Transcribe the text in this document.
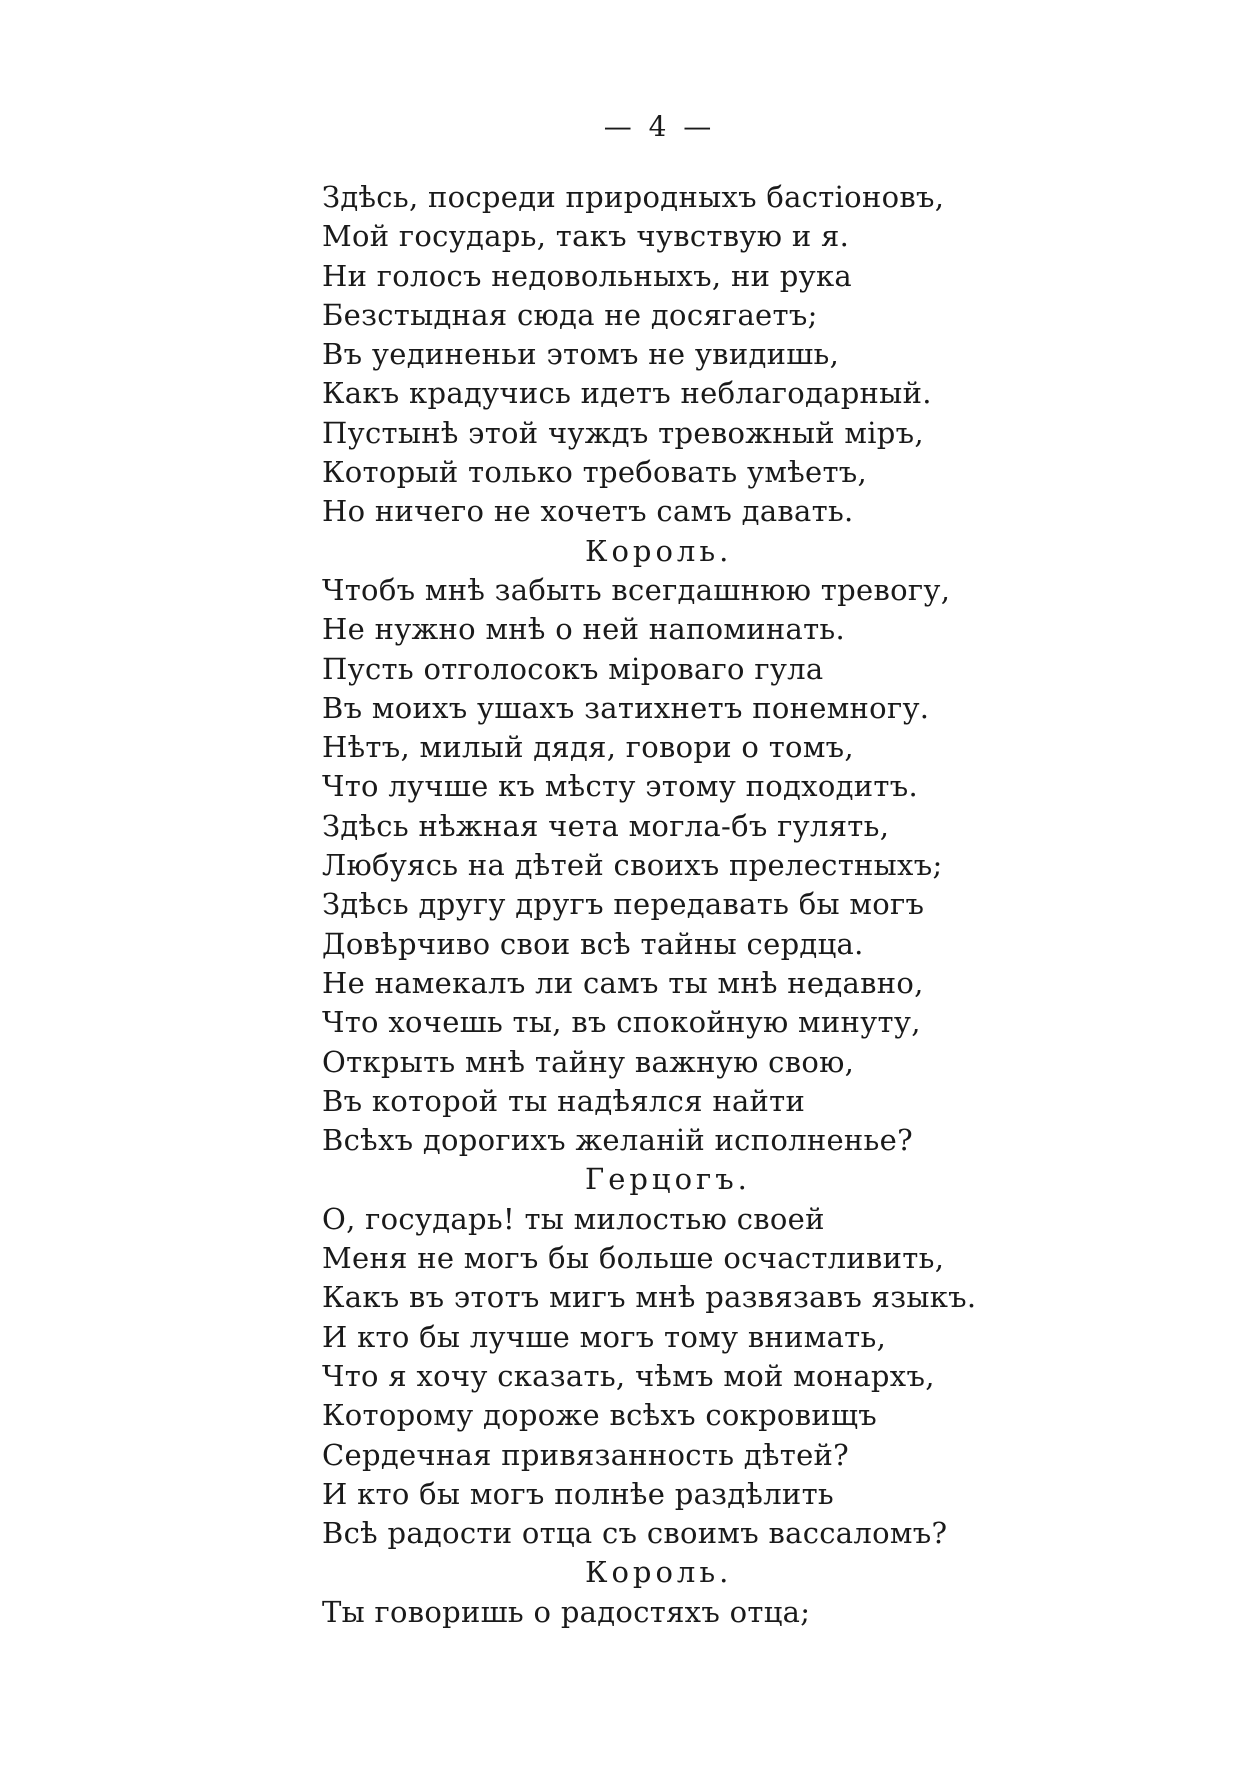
— 4 —
Здѣсь, посреди природныхъ бастіоновъ,
Мой государь, такъ чувствую и я.
Ни голосъ недовольныхъ, ни рука
Безстыдная сюда не досягаетъ;
Въ уединеньи этомъ не увидишь,
Какъ крадучись идетъ неблагодарный.
Пустынѣ этой чуждъ тревожный міръ,
Который только требовать умѣетъ,
Но ничего не хочетъ самъ давать.
Король.
Чтобъ мнѣ забыть всегдашнюю тревогу,
Не нужно мнѣ о ней напоминать.
Пусть отголосокъ міроваго гула
Въ моихъ ушахъ затихнетъ понемногу.
Нѣтъ, милый дядя, говори о томъ,
Что лучше къ мѣсту этому подходитъ.
Здѣсь нѣжная чета могла-бъ гулять,
Любуясь на дѣтей своихъ прелестныхъ;
Здѣсь другу другъ передавать бы могъ
Довѣрчиво свои всѣ тайны сердца.
Не намекалъ ли самъ ты мнѣ недавно,
Что хочешь ты, въ спокойную минуту,
Открыть мнѣ тайну важную свою,
Въ которой ты надѣялся найти
Всѣхъ дорогихъ желаній исполненье?
Герцогъ.
О, государь! ты милостью своей
Меня не могъ бы больше осчастливить,
Какъ въ этотъ мигъ мнѣ развязавъ языкъ.
И кто бы лучше могъ тому внимать,
Что я хочу сказать, чѣмъ мой монархъ,
Которому дороже всѣхъ сокровищъ
Сердечная привязанность дѣтей?
И кто бы могъ полнѣе раздѣлить
Всѣ радости отца съ своимъ вассаломъ?
Король.
Ты говоришь о радостяхъ отца;
